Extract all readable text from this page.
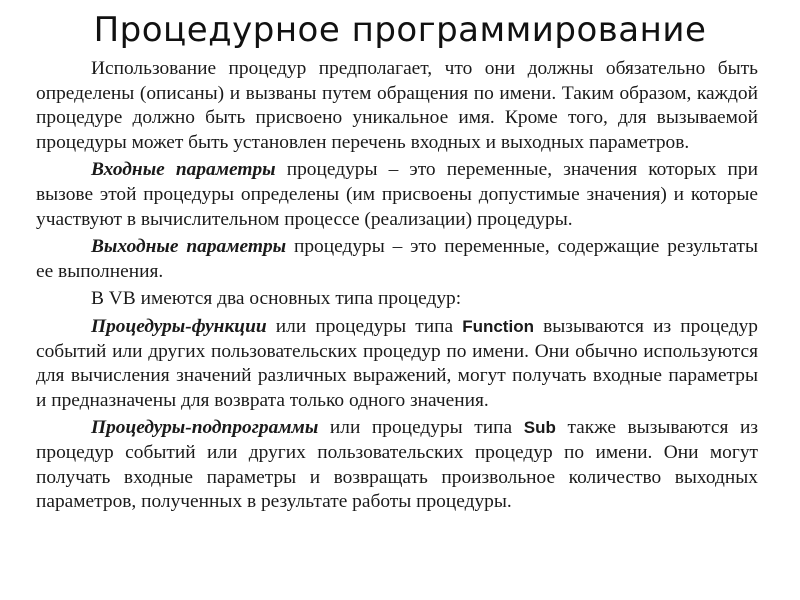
Процедурное программирование

Использование процедур предполагает, что они должны обязательно быть определены (описаны) и вызваны путем обращения по имени. Таким образом, каждой процедуре должно быть присвоено уникальное имя. Кроме того, для вызываемой процедуры может быть установлен перечень входных и выходных параметров.

Входные параметры процедуры – это переменные, значения которых при вызове этой процедуры определены (им присвоены допустимые значения) и которые участвуют в вычислительном процессе (реализации) процедуры.

Выходные параметры процедуры – это переменные, содержащие результаты ее выполнения.

В VB имеются два основных типа процедур:

Процедуры-функции или процедуры типа Function вызываются из процедур событий или других пользовательских процедур по имени. Они обычно используются для вычисления значений различных выражений, могут получать входные параметры и предназначены для возврата только одного значения.

Процедуры-подпрограммы или процедуры типа Sub также вызываются из процедур событий или других пользовательских процедур по имени. Они могут получать входные параметры и возвращать произвольное количество выходных параметров, полученных в результате работы процедуры.
